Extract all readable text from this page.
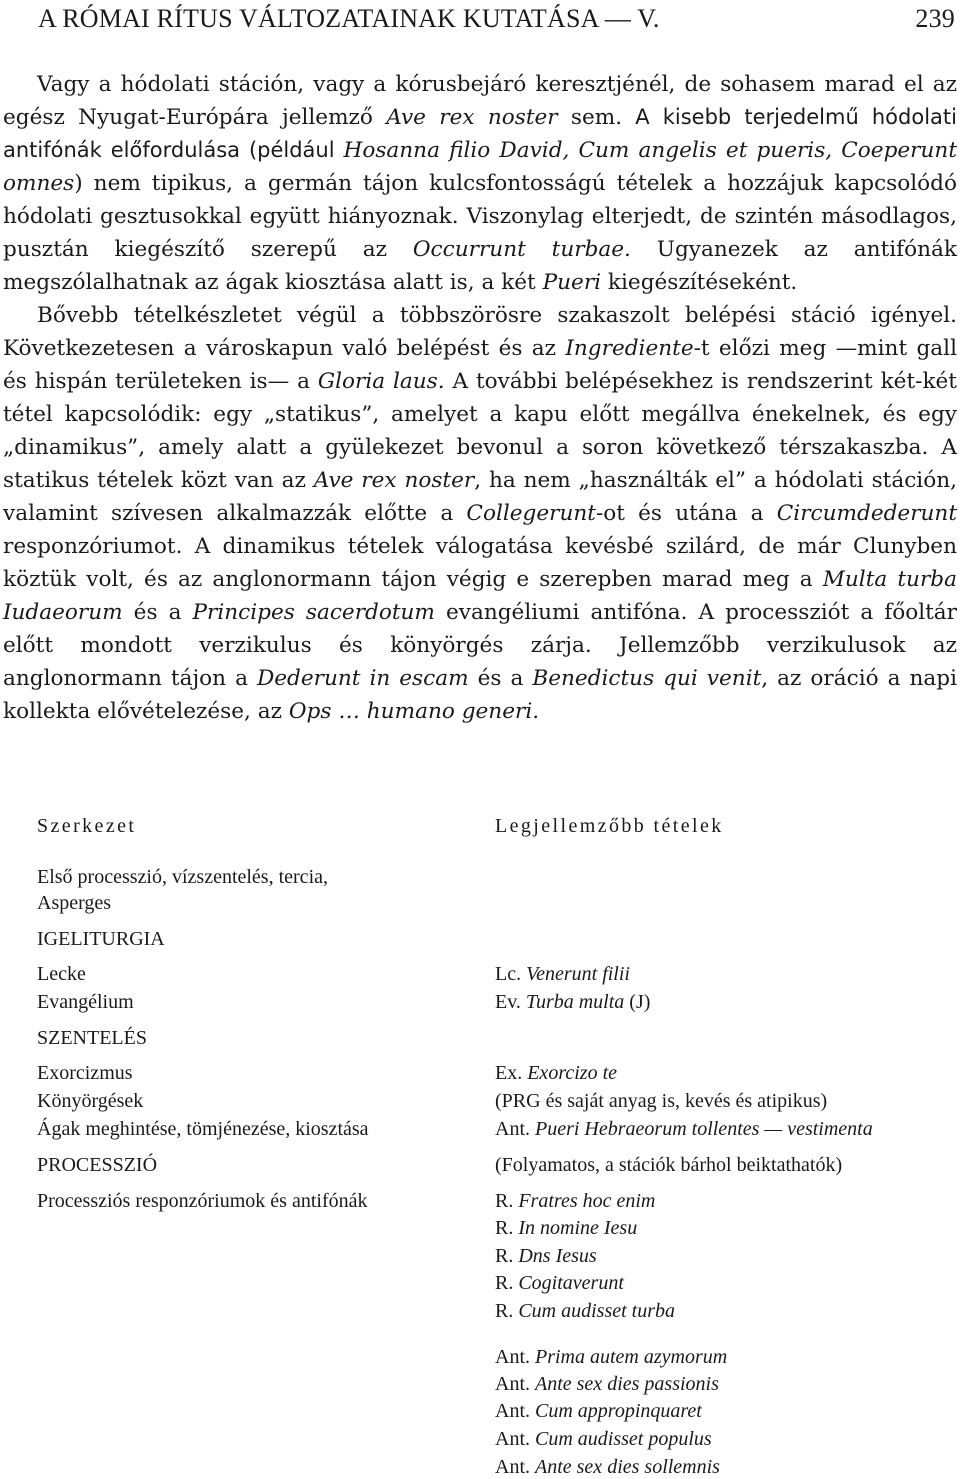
A RÓMAI RÍTUS VÁLTOZATAINAK KUTATÁSA — V.	239

Vagy a hódolati stáción, vagy a kórusbejáró keresztjénél, de sohasem marad el az egész Nyugat-Európára jellemző Ave rex noster sem. A kisebb terjedelmű hódolati antifónák előfordulása (például Hosanna filio David, Cum angelis et pueris, Coeperunt omnes) nem tipikus, a germán tájon kulcsfontosságú tételek a hozzájuk kapcsolódó hódolati gesztusokkal együtt hiányoznak. Viszonylag elterjedt, de szintén másodlagos, pusztán kiegészítő szerepű az Occurrunt turbae. Ugyanezek az antifónák megszólalhatnak az ágak kiosztása alatt is, a két Pueri kiegészítéseként.

Bővebb tételkészletet végül a többszörösre szakaszolt belépési stáció igényel. Következetesen a városkapun való belépést és az Ingrediente-t előzi meg —mint gall és hispán területeken is— a Gloria laus. A további belépésekhez is rendszerint két-két tétel kapcsolódik: egy „statikus”, amelyet a kapu előtt megállva énekelnek, és egy „dinamikus”, amely alatt a gyülekezet bevonul a soron következő térszakaszba. A statikus tételek közt van az Ave rex noster, ha nem „használták el” a hódolati stáción, valamint szívesen alkalmazzák előtte a Collegerunt-ot és utána a Circumdederunt responzóriumot. A dinamikus tételek válogatása kevésbé szilárd, de már Clunyben köztük volt, és az anglonormann tájon végig e szerepben marad meg a Multa turba Iudaeorum és a Principes sacerdotum evangéliumi antifóna. A processziót a főoltár előtt mondott verzikulus és könyörgés zárja. Jellemzőbb verzikulusok az anglonormann tájon a Dederunt in escam és a Benedictus qui venit, az oráció a napi kollekta elővételezése, az Ops … humano generi.

Szerkezet	Legjellemzőbb tételek
Első processzió, vízszentelés, tercia,
Asperges
IGELITURGIA
Lecke
Evangélium
SZENTELÉS
Exorcizmus
Könyörgések
Ágak meghintése, tömjénezése, kiosztása
PROCESSZIÓ
Processziós responzóriumok és antifónák
Lc. Venerunt filii
Ev. Turba multa (J)
Ex. Exorcizo te
(PRG és saját anyag is, kevés és atipikus)
Ant. Pueri Hebraeorum tollentes — vestimenta
(Folyamatos, a stációk bárhol beiktathatók)
R. Fratres hoc enim
R. In nomine Iesu
R. Dns Iesus
R. Cogitaverunt
R. Cum audisset turba
Ant. Prima autem azymorum
Ant. Ante sex dies passionis
Ant. Cum appropinquaret
Ant. Cum audisset populus
Ant. Ante sex dies sollemnis
